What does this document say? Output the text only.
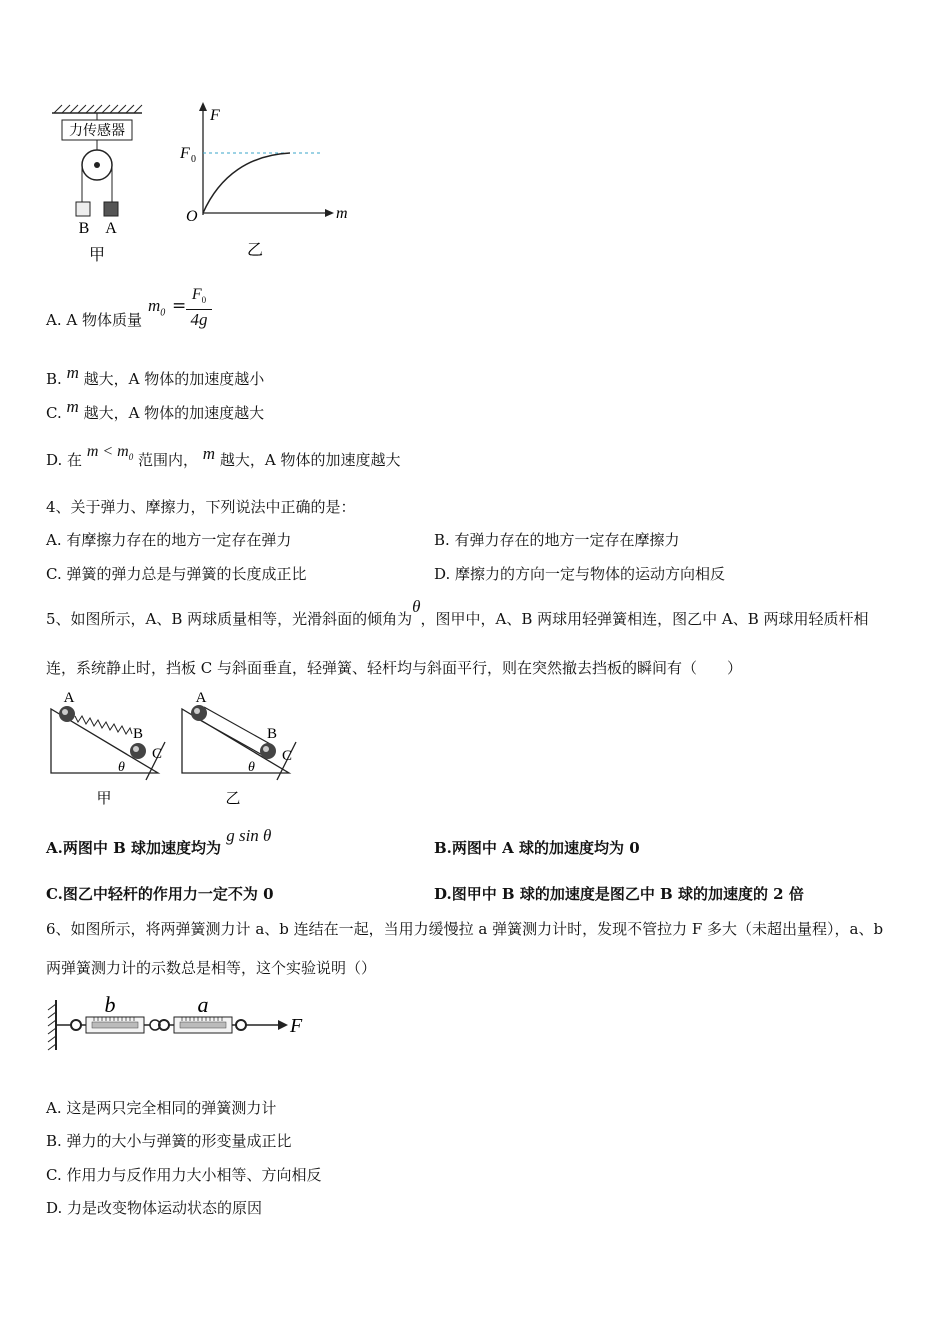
力传感器
B A
甲
F
F 0
O	m
乙
A. A 物体质量
$m_0$ =
$F_0$
4g
B. m 越大，A 物体的加速度越小
C. m 越大，A 物体的加速度越大
D. 在 $m < m_0$ 范围内， m 越大，A 物体的加速度越大
4、关于弹力、摩擦力，下列说法中正确的是：
A. 有摩擦力存在的地方一定存在弹力	B. 有弹力存在的地方一定存在摩擦力
C. 弹簧的弹力总是与弹簧的长度成正比	D. 摩擦力的方向一定与物体的运动方向相反
5、如图所示，A、B 两球质量相等，光滑斜面的倾角为θ，图甲中，A、B 两球用轻弹簧相连，图乙中 A、B 两球用轻质杆相
连，系统静止时，挡板 C 与斜面垂直，轻弹簧、轻杆均与斜面平行，则在突然撤去挡板的瞬间有（　　）
A
B
C
θ
甲
A
B
C
θ
乙
A.两图中 B 球加速度均为 g sin θ
B.两图中 A 球的加速度均为 0
C.图乙中轻杆的作用力一定不为 0	D.图甲中 B 球的加速度是图乙中 B 球的加速度的 2 倍
6、如图所示，将两弹簧测力计 a、b 连结在一起，当用力缓慢拉 a 弹簧测力计时，发现不管拉力 F 多大（未超出量程），a、b
两弹簧测力计的示数总是相等，这个实验说明（）
b	a
F
A. 这是两只完全相同的弹簧测力计
B. 弹力的大小与弹簧的形变量成正比
C. 作用力与反作用力大小相等、方向相反
D. 力是改变物体运动状态的原因
